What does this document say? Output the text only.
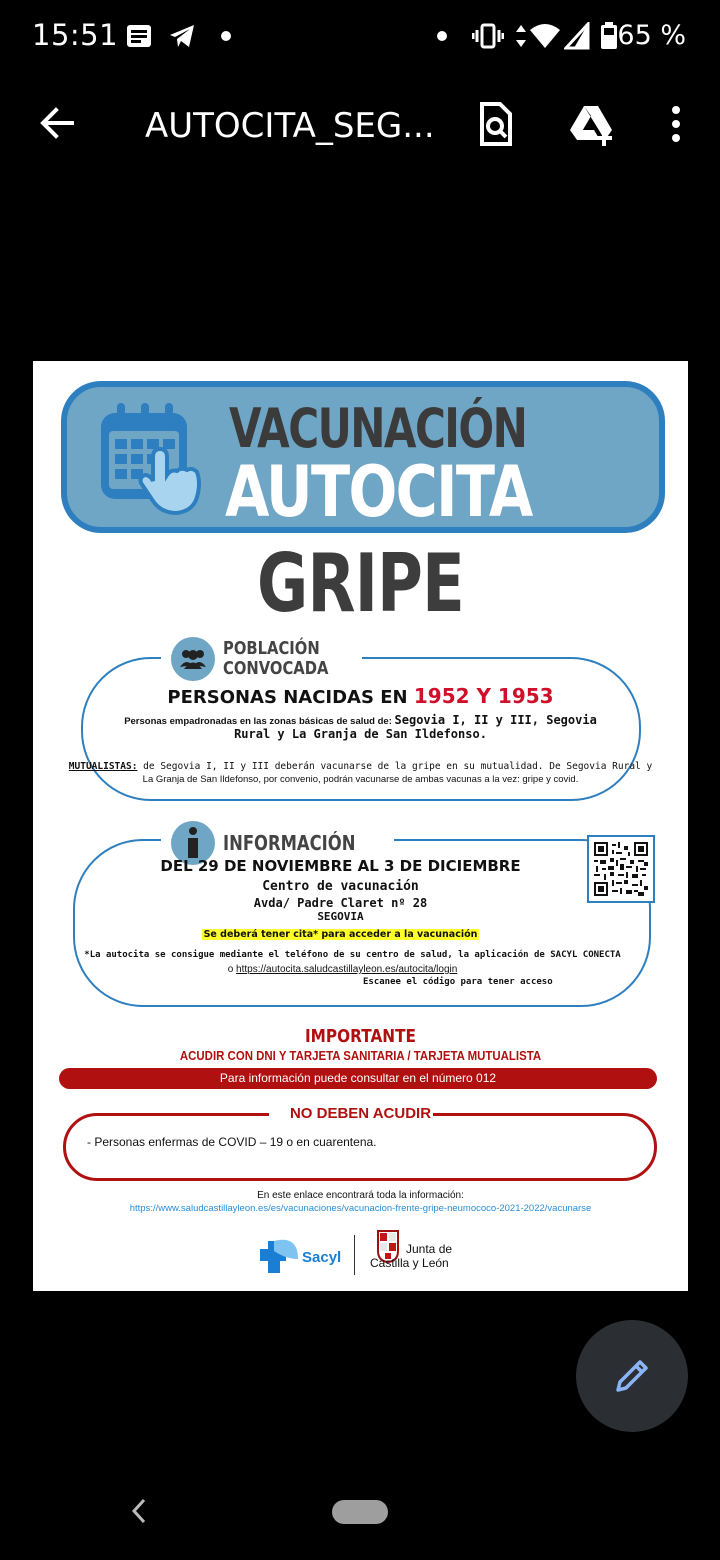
15:51	65 %
AUTOCITA_SEG...
VACUNACIÓN
AUTOCITA
GRIPE
POBLACIÓN
CONVOCADA
PERSONAS NACIDAS EN 1952 Y 1953
Personas empadronadas en las zonas básicas de salud de: Segovia I, II y III, Segovia
Rural y La Granja de San Ildefonso.
MUTUALISTAS: de Segovia I, II y III deberán vacunarse de la gripe en su mutualidad. De Segovia Rural y
La Granja de San Ildefonso, por convenio, podrán vacunarse de ambas vacunas a la vez: gripe y covid.
INFORMACIÓN
DEL 29 DE NOVIEMBRE AL 3 DE DICIEMBRE
Centro de vacunación
Avda/ Padre Claret nº 28
SEGOVIA
Se deberá tener cita* para acceder a la vacunación
*La autocita se consigue mediante el teléfono de su centro de salud, la aplicación de SACYL CONECTA
o https://autocita.saludcastillayleon.es/autocita/login
Escanee el código para tener acceso
IMPORTANTE
ACUDIR CON DNI Y TARJETA SANITARIA / TARJETA MUTUALISTA
Para información puede consultar en el número 012
NO DEBEN ACUDIR
- Personas enfermas de COVID – 19 o en cuarentena.
En este enlace encontrará toda la información:
https://www.saludcastillayleon.es/es/vacunaciones/vacunacion-frente-gripe-neumococo-2021-2022/vacunarse
Sacyl	Junta de
Castilla y León
